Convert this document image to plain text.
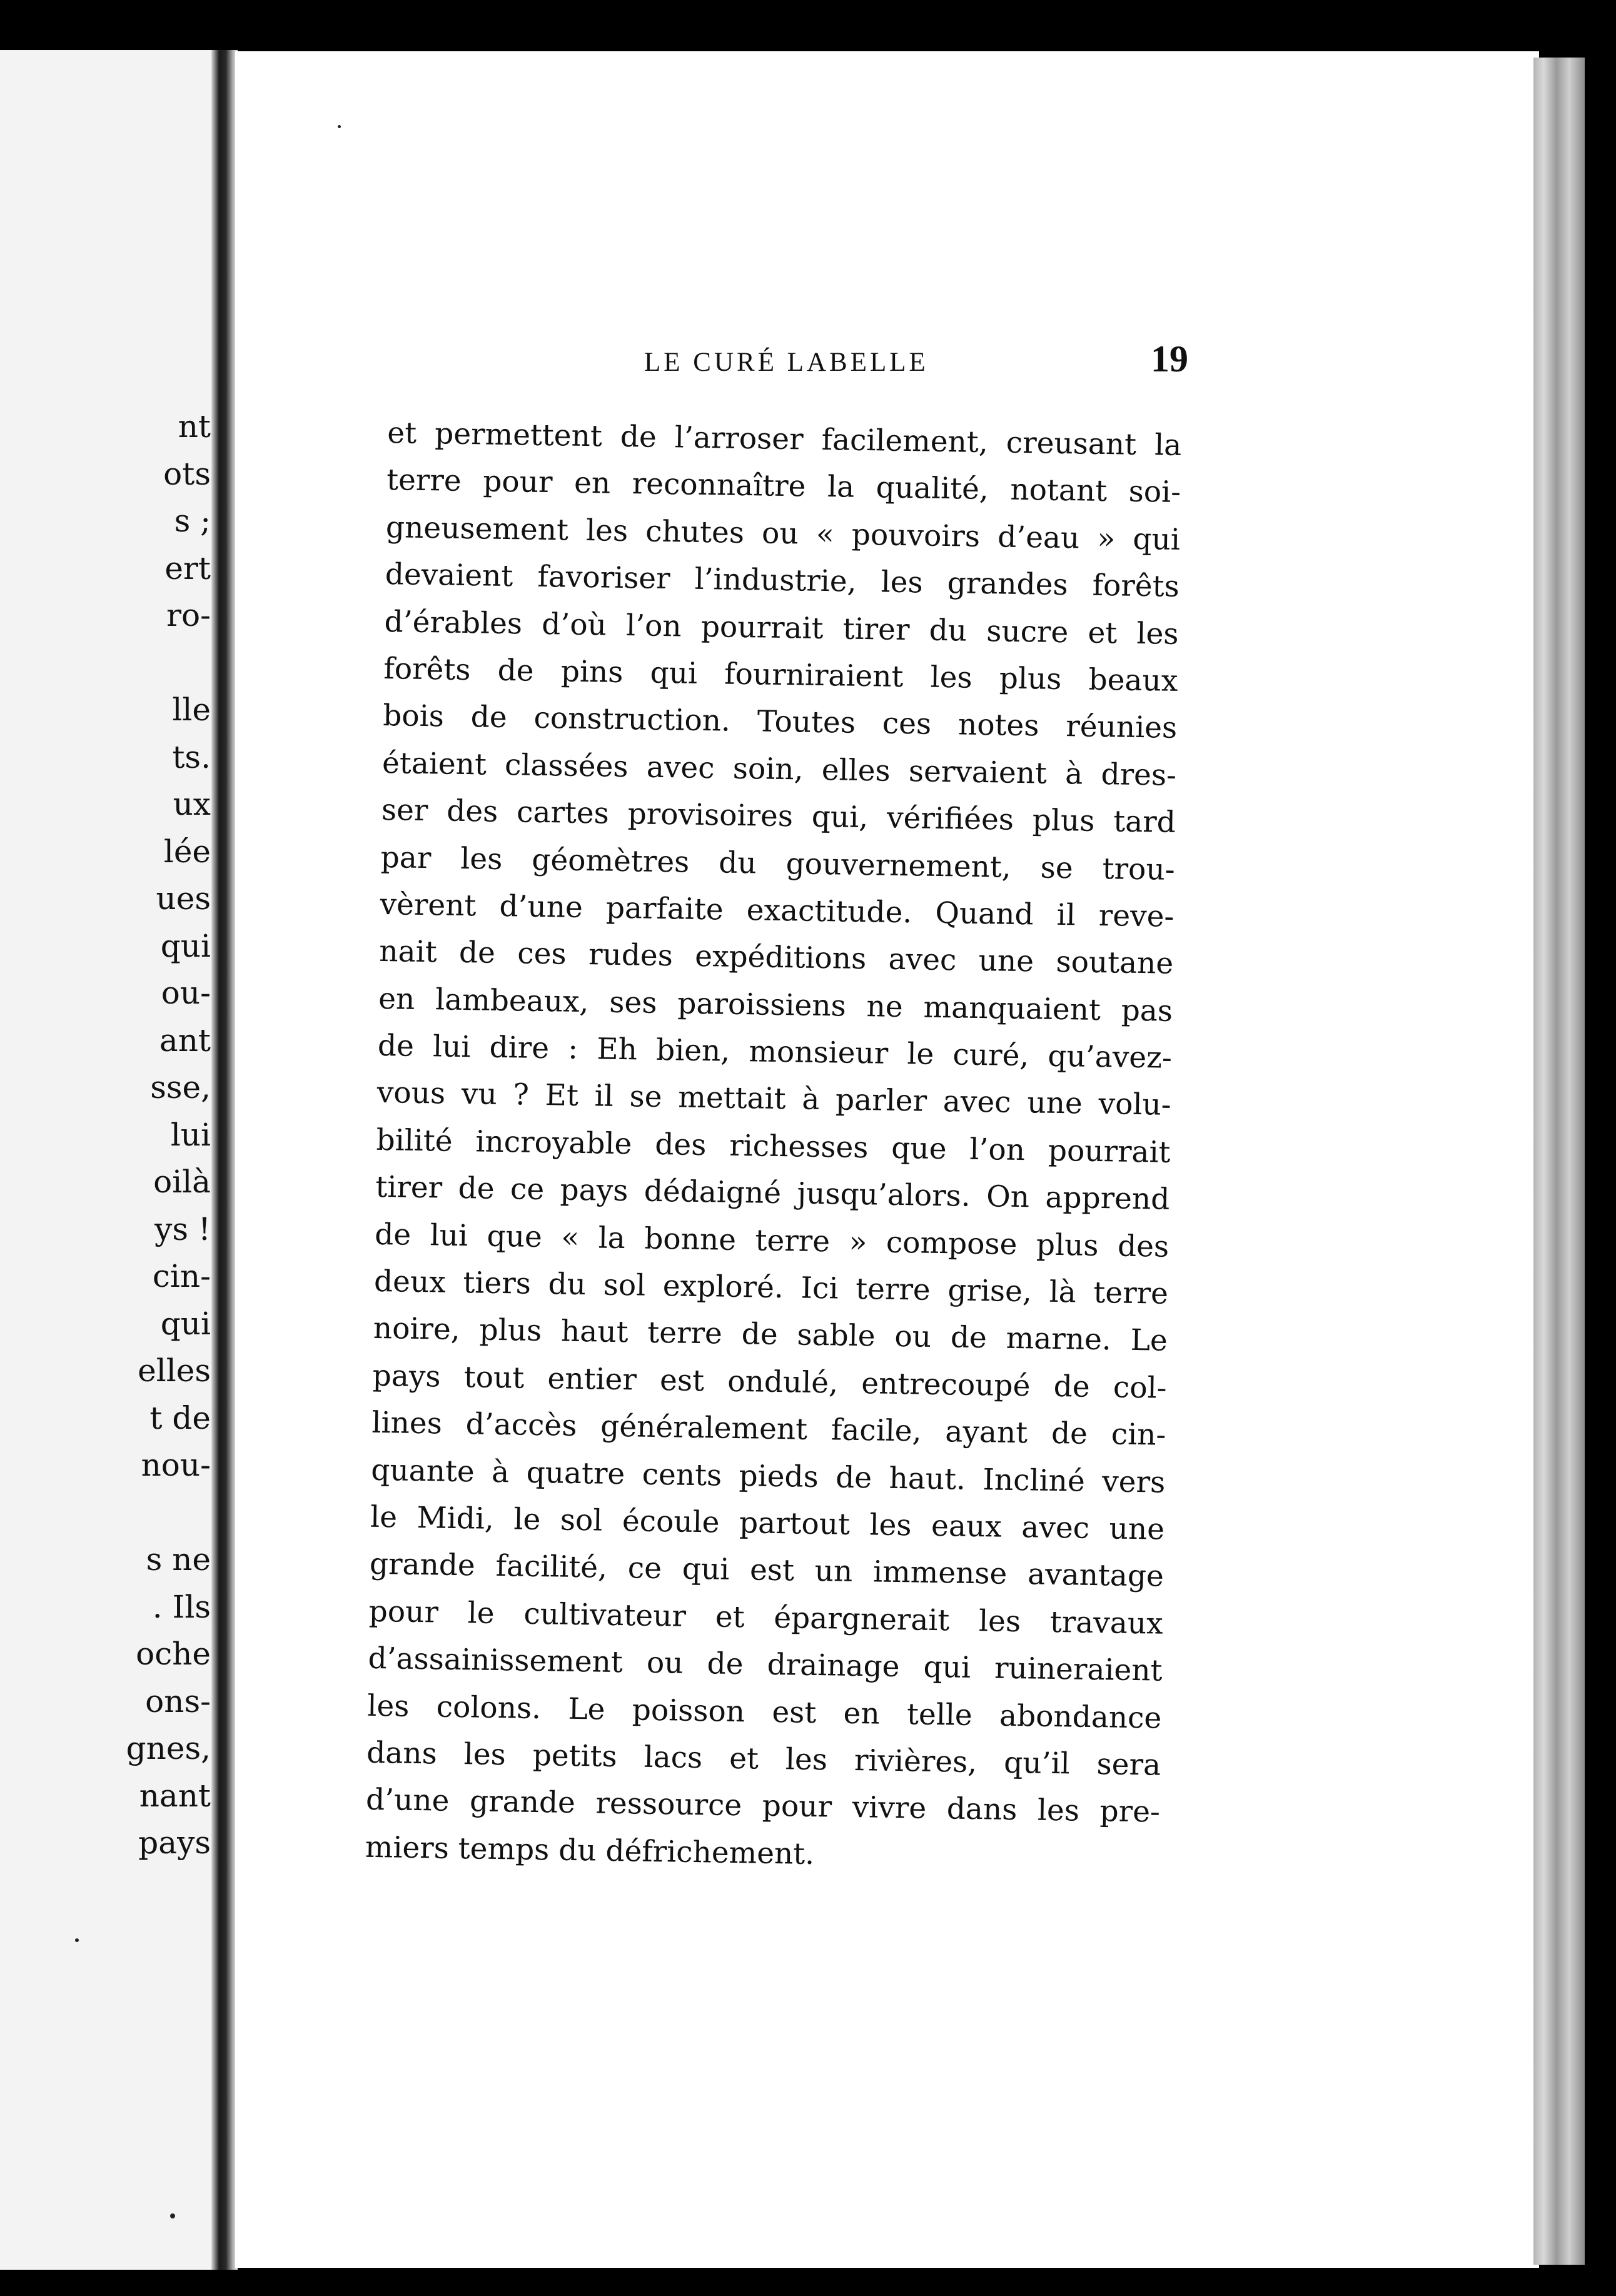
nt
ots
s ;
ert
ro-
lle
ts.
ux
lée
ues
qui
ou-
ant
sse,
lui
oilà
ys !
cin-
qui
elles
t de
nou-
s ne
. Ils
oche
ons-
gnes,
nant
pays
LE CURÉ LABELLE	19
et permettent de l’arroser facilement, creusant la
terre pour en reconnaître la qualité, notant soi-
gneusement les chutes ou « pouvoirs d’eau » qui
devaient favoriser l’industrie, les grandes forêts
d’érables d’où l’on pourrait tirer du sucre et les
forêts de pins qui fourniraient les plus beaux
bois de construction. Toutes ces notes réunies
étaient classées avec soin, elles servaient à dres-
ser des cartes provisoires qui, vérifiées plus tard
par les géomètres du gouvernement, se trou-
vèrent d’une parfaite exactitude. Quand il reve-
nait de ces rudes expéditions avec une soutane
en lambeaux, ses paroissiens ne manquaient pas
de lui dire : Eh bien, monsieur le curé, qu’avez-
vous vu ? Et il se mettait à parler avec une volu-
bilité incroyable des richesses que l’on pourrait
tirer de ce pays dédaigné jusqu’alors. On apprend
de lui que « la bonne terre » compose plus des
deux tiers du sol exploré. Ici terre grise, là terre
noire, plus haut terre de sable ou de marne. Le
pays tout entier est ondulé, entrecoupé de col-
lines d’accès généralement facile, ayant de cin-
quante à quatre cents pieds de haut. Incliné vers
le Midi, le sol écoule partout les eaux avec une
grande facilité, ce qui est un immense avantage
pour le cultivateur et épargnerait les travaux
d’assainissement ou de drainage qui ruineraient
les colons. Le poisson est en telle abondance
dans les petits lacs et les rivières, qu’il sera
d’une grande ressource pour vivre dans les pre-
miers temps du défrichement.
